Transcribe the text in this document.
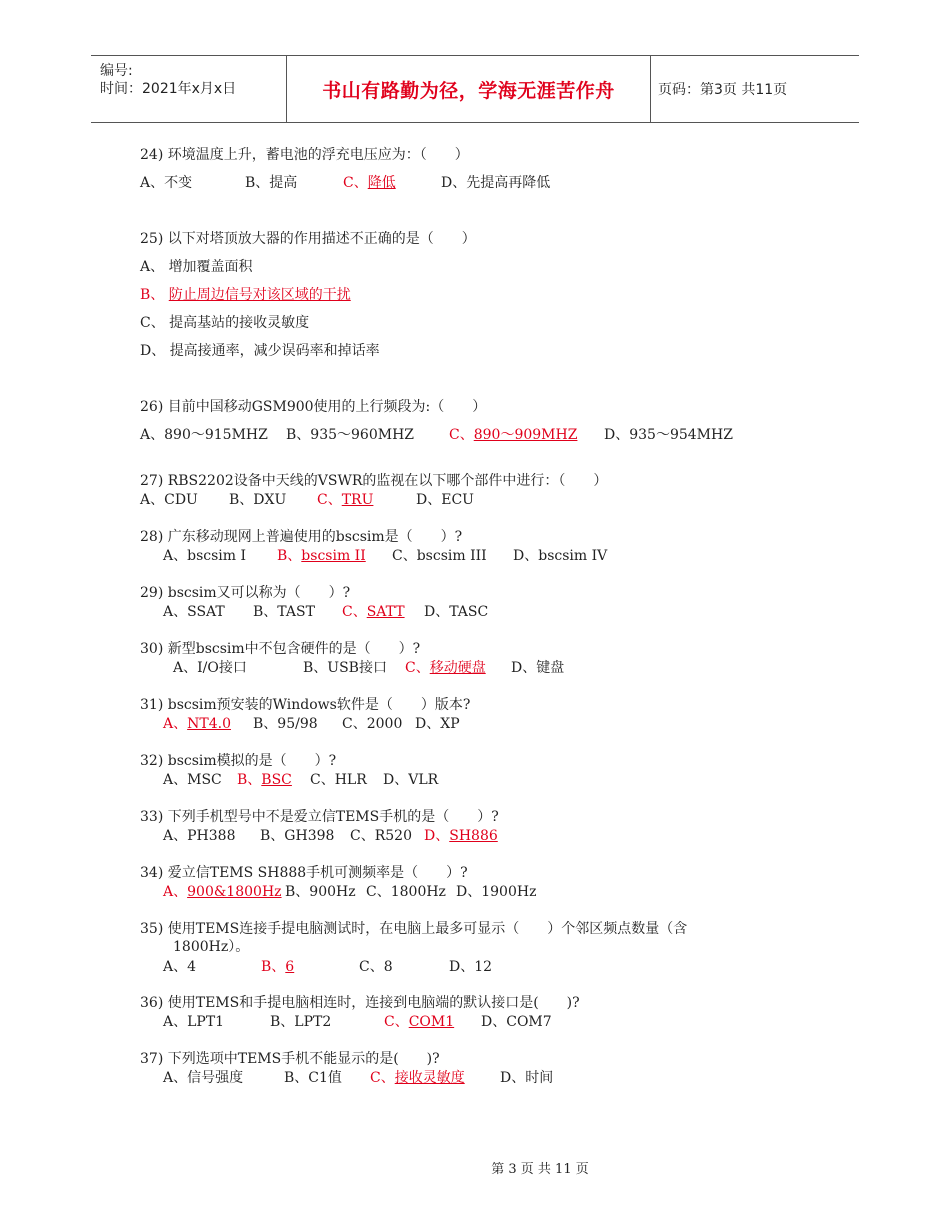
编号:
时间：2021年x月x日	书山有路勤为径，学海无涯苦作舟	页码：第3页 共11页
24) 环境温度上升，蓄电池的浮充电压应为：（　　）
A、不变	B、提高	C、降低	D、先提高再降低
25) 以下对塔顶放大器的作用描述不正确的是（　　）
A、 增加覆盖面积
B、 防止周边信号对该区域的干扰
C、 提高基站的接收灵敏度
D、 提高接通率，减少误码率和掉话率
26) 目前中国移动GSM900使用的上行频段为:（　　）
A、890～915MHZ B、935～960MHZ C、890～909MHZ D、935～954MHZ
27) RBS2202设备中天线的VSWR的监视在以下哪个部件中进行：（　　）
A、CDU B、DXU C、TRU	D、ECU
28) 广东移动现网上普遍使用的bscsim是（　　）?
A、bscsim I B、bscsim II C、bscsim III D、bscsim IV
29) bscsim又可以称为（　　）?
A、SSAT B、TAST C、SATT D、TASC
30) 新型bscsim中不包含硬件的是（　　）?
A、I/O接口	B、USB接口 C、移动硬盘 D、键盘
31) bscsim预安装的Windows软件是（　　）版本?
A、NT4.0 B、95/98 C、2000 D、XP
32) bscsim模拟的是（　　）?
A、MSC B、BSC C、HLR D、VLR
33) 下列手机型号中不是爱立信TEMS手机的是（　　）?
A、PH388 B、GH398 C、R520 D、SH886
34) 爱立信TEMS SH888手机可测频率是（　　）?
A、900&1800Hz B、900Hz C、1800Hz D、1900Hz
35) 使用TEMS连接手提电脑测试时，在电脑上最多可显示（　　）个邻区频点数量（含
1800Hz）。
A、4	B、6	C、8	D、12
36) 使用TEMS和手提电脑相连时，连接到电脑端的默认接口是(　　)?
A、LPT1	B、LPT2	C、COM1 D、COM7
37) 下列选项中TEMS手机不能显示的是(　　)?
A、信号强度	B、C1值 C、接收灵敏度	D、时间
第 3 页 共 11 页
